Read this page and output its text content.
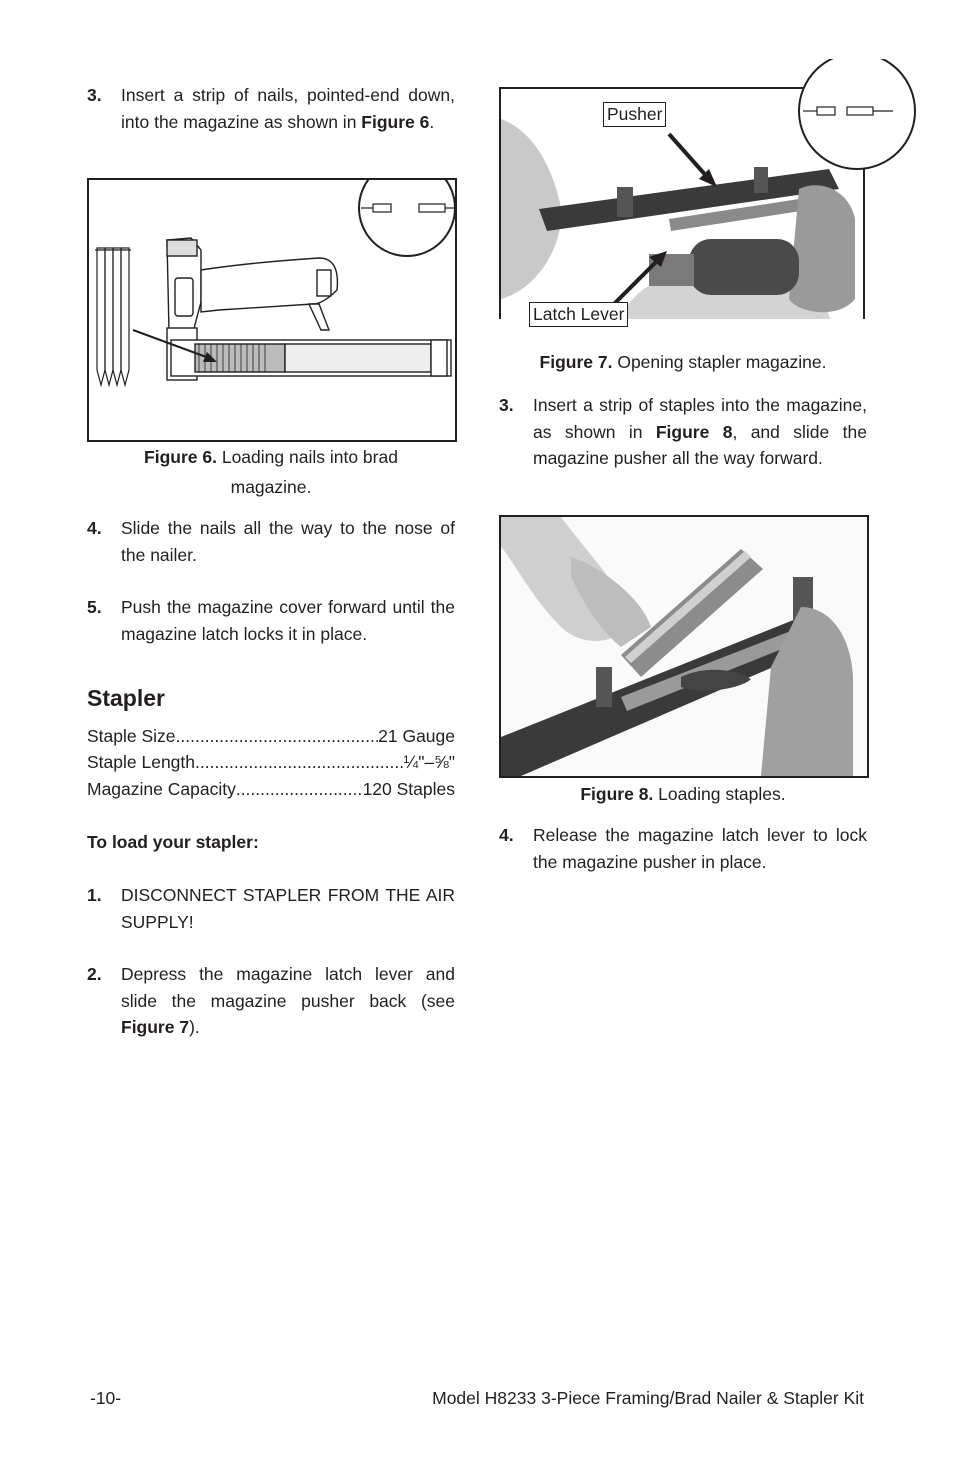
3. Insert a strip of nails, pointed-end down, into the magazine as shown in Figure 6.
Figure 6. Loading nails into brad
magazine.
4. Slide the nails all the way to the nose of the nailer.
5. Push the magazine cover forward until the magazine latch locks it in place.
Stapler
Staple Size .....	21 Gauge
Staple Length .....	¼"–⅝"
Magazine Capacity .....	120 Staples
To load your stapler:
1. DISCONNECT STAPLER FROM THE AIR SUPPLY!
2. Depress the magazine latch lever and slide the magazine pusher back (see Figure 7).
Pusher
Latch Lever
Figure 7. Opening stapler magazine.
3. Insert a strip of staples into the magazine, as shown in Figure 8, and slide the magazine pusher all the way forward.
Figure 8. Loading staples.
4. Release the magazine latch lever to lock the magazine pusher in place.
-10-	Model H8233 3-Piece Framing/Brad Nailer & Stapler Kit
